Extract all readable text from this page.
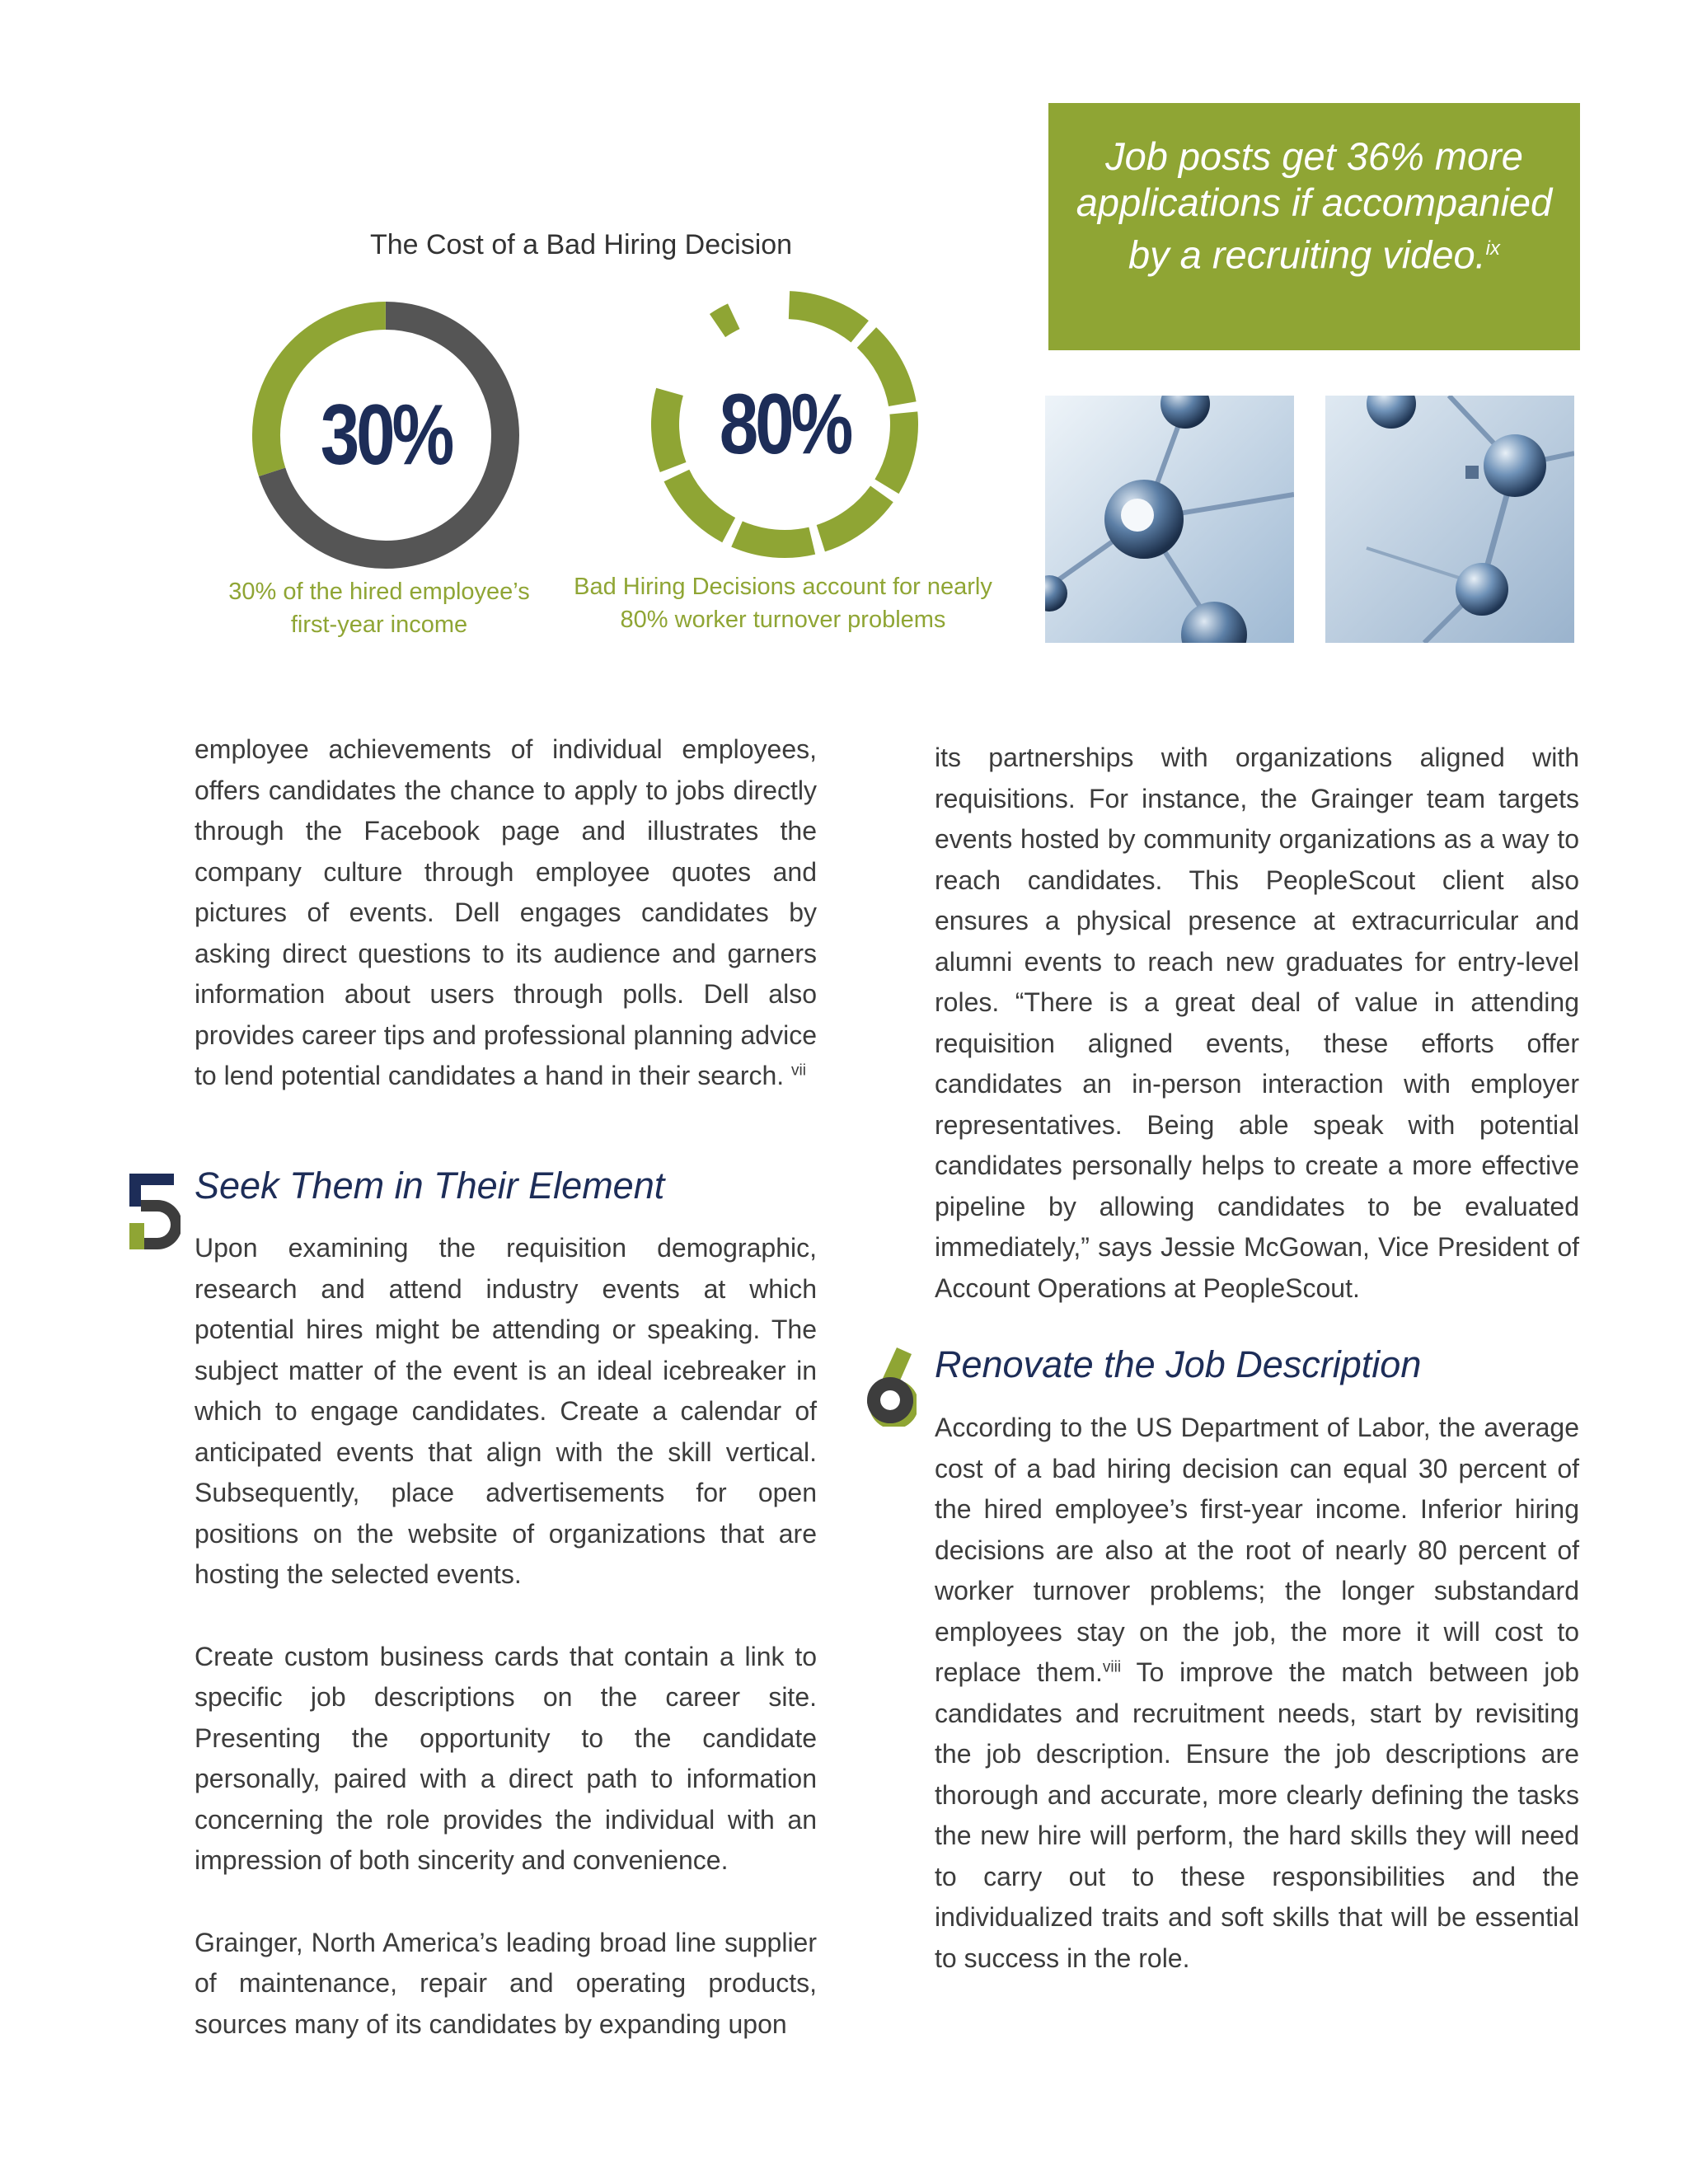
The Cost of a Bad Hiring Decision
30%
30% of the hired employee’s
first-year income
80%
Bad Hiring Decisions account for nearly
80% worker turnover problems
Job posts get 36% more applications if accompanied by a recruiting video.$^{ix}$

employee achievements of individual employees, offers candidates the chance to apply to jobs directly through the Facebook page and illustrates the company culture through employee quotes and pictures of events. Dell engages candidates by asking direct questions to its audience and garners information about users through polls. Dell also provides career tips and professional planning advice to lend potential candidates a hand in their search. $^{vii}$

Seek Them in Their Element

Upon examining the requisition demographic, research and attend industry events at which potential hires might be attending or speaking. The subject matter of the event is an ideal icebreaker in which to engage candidates. Create a calendar of anticipated events that align with the skill vertical. Subsequently, place advertisements for open positions on the website of organizations that are hosting the selected events.

Create custom business cards that contain a link to specific job descriptions on the career site. Presenting the opportunity to the candidate personally, paired with a direct path to information concerning the role provides the individual with an impression of both sincerity and convenience.

Grainger, North America’s leading broad line supplier of maintenance, repair and operating products, sources many of its candidates by expanding upon

its partnerships with organizations aligned with requisitions. For instance, the Grainger team targets events hosted by community organizations as a way to reach candidates. This PeopleScout client also ensures a physical presence at extracurricular and alumni events to reach new graduates for entry-level roles. “There is a great deal of value in attending requisition aligned events, these efforts offer candidates an in-person interaction with employer representatives. Being able speak with potential candidates personally helps to create a more effective pipeline by allowing candidates to be evaluated immediately,” says Jessie McGowan, Vice President of Account Operations at PeopleScout.

Renovate the Job Description

According to the US Department of Labor, the average cost of a bad hiring decision can equal 30 percent of the hired employee’s first-year income. Inferior hiring decisions are also at the root of nearly 80 percent of worker turnover problems; the longer substandard employees stay on the job, the more it will cost to replace them.$^{viii}$ To improve the match between job candidates and recruitment needs, start by revisiting the job description. Ensure the job descriptions are thorough and accurate, more clearly defining the tasks the new hire will perform, the hard skills they will need to carry out to these responsibilities and the individualized traits and soft skills that will be essential to success in the role.
